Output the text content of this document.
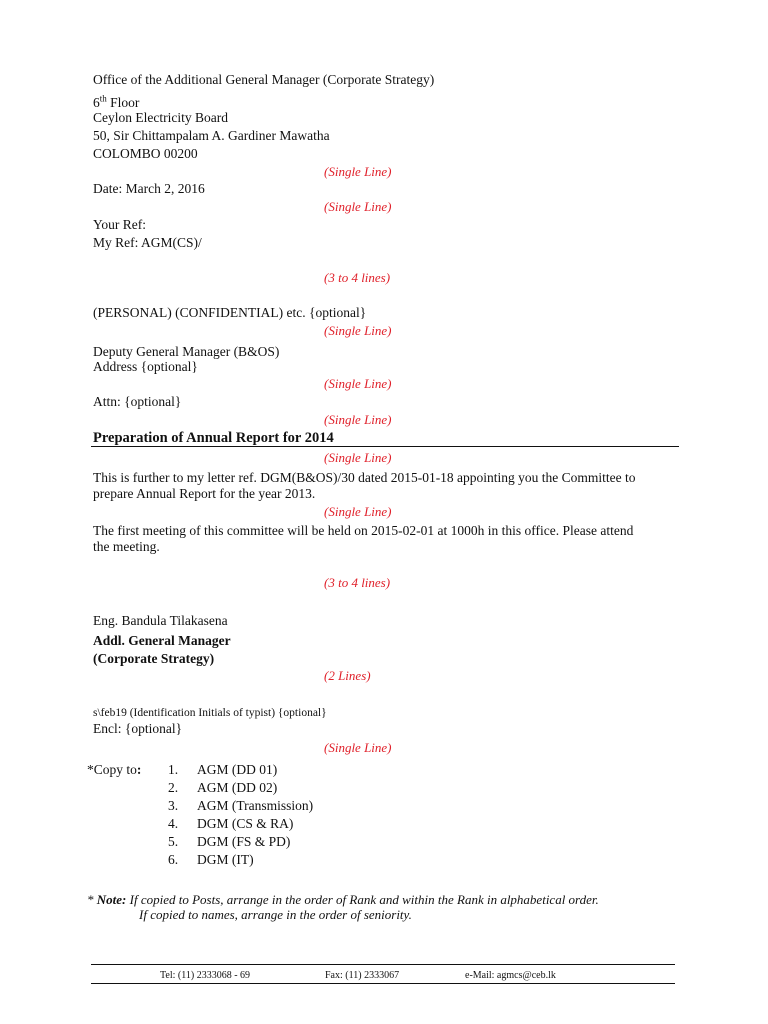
Office of the Additional General Manager (Corporate Strategy)
6th Floor
Ceylon Electricity Board
50, Sir Chittampalam A. Gardiner Mawatha
COLOMBO 00200
(Single Line)
Date: March 2, 2016
(Single Line)
Your Ref:
My Ref: AGM(CS)/
(3 to 4 lines)
(PERSONAL) (CONFIDENTIAL) etc. {optional}
(Single Line)
Deputy General Manager (B&OS)
Address {optional}
(Single Line)
Attn: {optional}
(Single Line)
Preparation of Annual Report for 2014
(Single Line)
This is further to my letter ref. DGM(B&OS)/30 dated 2015-01-18 appointing you the Committee to
prepare Annual Report for the year 2013.
(Single Line)
The first meeting of this committee will be held on 2015-02-01 at 1000h in this office. Please attend
the meeting.
(3 to 4 lines)
Eng. Bandula Tilakasena
Addl. General Manager
(Corporate Strategy)
(2 Lines)
s\feb19 (Identification Initials of typist) {optional}
Encl: {optional}
(Single Line)
*Copy to: 1. AGM (DD 01)
2. AGM (DD 02)
3. AGM (Transmission)
4. DGM (CS & RA)
5. DGM (FS & PD)
6. DGM (IT)
* Note: If copied to Posts, arrange in the order of Rank and within the Rank in alphabetical order.
If copied to names, arrange in the order of seniority.
Tel: (11) 2333068 - 69	Fax: (11) 2333067	e-Mail: agmcs@ceb.lk
